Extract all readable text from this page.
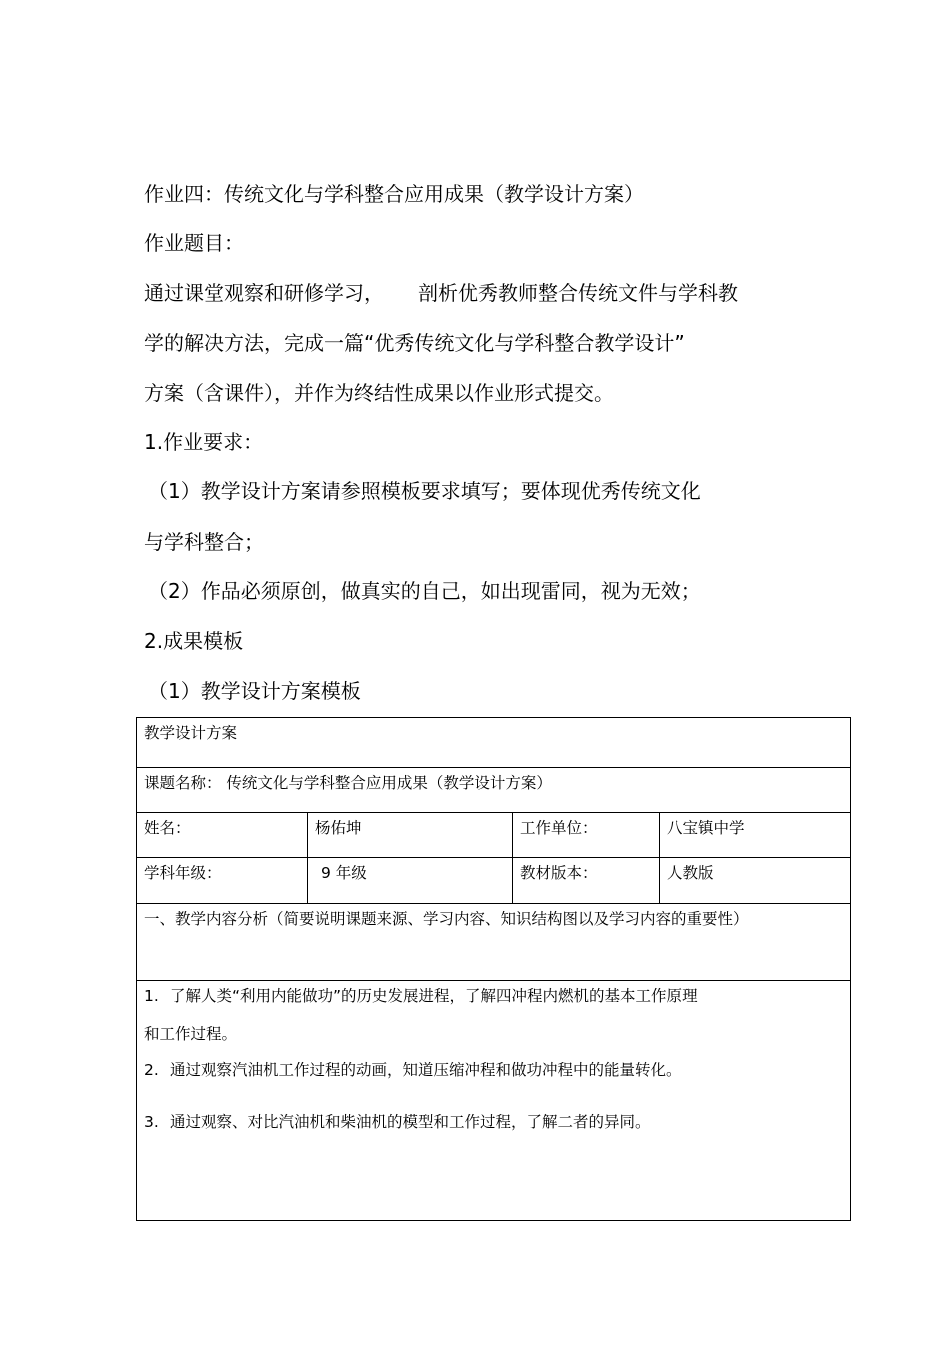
作业四：传统文化与学科整合应用成果（教学设计方案）
作业题目：
通过课堂观察和研修学习， 剖析优秀教师整合传统文件与学科教
学的解决方法，完成一篇“优秀传统文化与学科整合教学设计”
方案（含课件），并作为终结性成果以作业形式提交。
1.作业要求：
（1）教学设计方案请参照模板要求填写；要体现优秀传统文化
与学科整合；
（2）作品必须原创，做真实的自己，如出现雷同，视为无效；
2.成果模板
（1）教学设计方案模板
教学设计方案			
课题名称： 传统文化与学科整合应用成果（教学设计方案）			
姓名：	杨佑坤	工作单位：	八宝镇中学
学科年级：	9 年级	教材版本：	人教版
一、教学内容分析（简要说明课题来源、学习内容、知识结构图以及学习内容的重要性）			

1. 了解人类“利用内能做功”的历史发展进程，了解四冲程内燃机的基本工作原理
和工作过程。
2. 通过观察汽油机工作过程的动画，知道压缩冲程和做功冲程中的能量转化。
3. 通过观察、对比汽油机和柴油机的模型和工作过程，了解二者的异同。			
